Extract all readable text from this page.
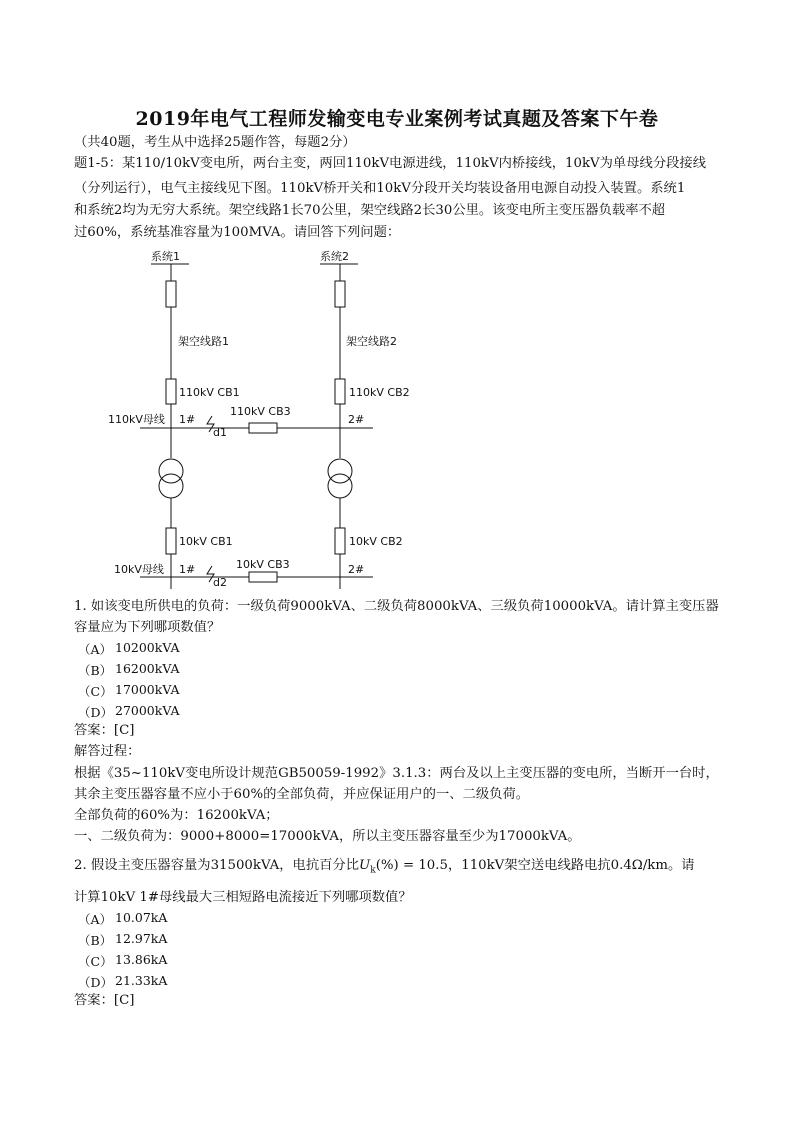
2019年电气工程师发输变电专业案例考试真题及答案下午卷
（共40题，考生从中选择25题作答，每题2分）
题1-5：某110/10kV变电所，两台主变，两回110kV电源进线，110kV内桥接线，10kV为单母线分段接线
（分列运行），电气主接线见下图。110kV桥开关和10kV分段开关均装设备用电源自动投入装置。系统1
和系统2均为无穷大系统。架空线路1长70公里，架空线路2长30公里。该变电所主变压器负载率不超
过60%，系统基准容量为100MVA。请回答下列问题：
系统1	系统2
架空线路1	架空线路2
110kV CB1	110kV CB2
110kV CB3
110kV母线 1#	2#
d1
10kV CB1	10kV CB2
10kV CB3
10kV母线 1#	2#
d2
1. 如该变电所供电的负荷：一级负荷9000kVA、二级负荷8000kVA、三级负荷10000kVA。请计算主变压器
容量应为下列哪项数值？
（A） 10200kVA
（B） 16200kVA
（C） 17000kVA
（D） 27000kVA
答案：[C]
解答过程：
根据《35~110kV变电所设计规范GB50059-1992》3.1.3：两台及以上主变压器的变电所，当断开一台时，
其余主变压器容量不应小于60%的全部负荷，并应保证用户的一、二级负荷。
全部负荷的60%为：16200kVA；
一、二级负荷为：9000+8000=17000kVA，所以主变压器容量至少为17000kVA。
2. 假设主变压器容量为31500kVA，电抗百分比$U_k(\%) = 10.5$，110kV架空送电线路电抗0.4Ω/km。请
计算10kV 1#母线最大三相短路电流接近下列哪项数值？
（A） 10.07kA
（B） 12.97kA
（C） 13.86kA
（D） 21.33kA
答案：[C]
